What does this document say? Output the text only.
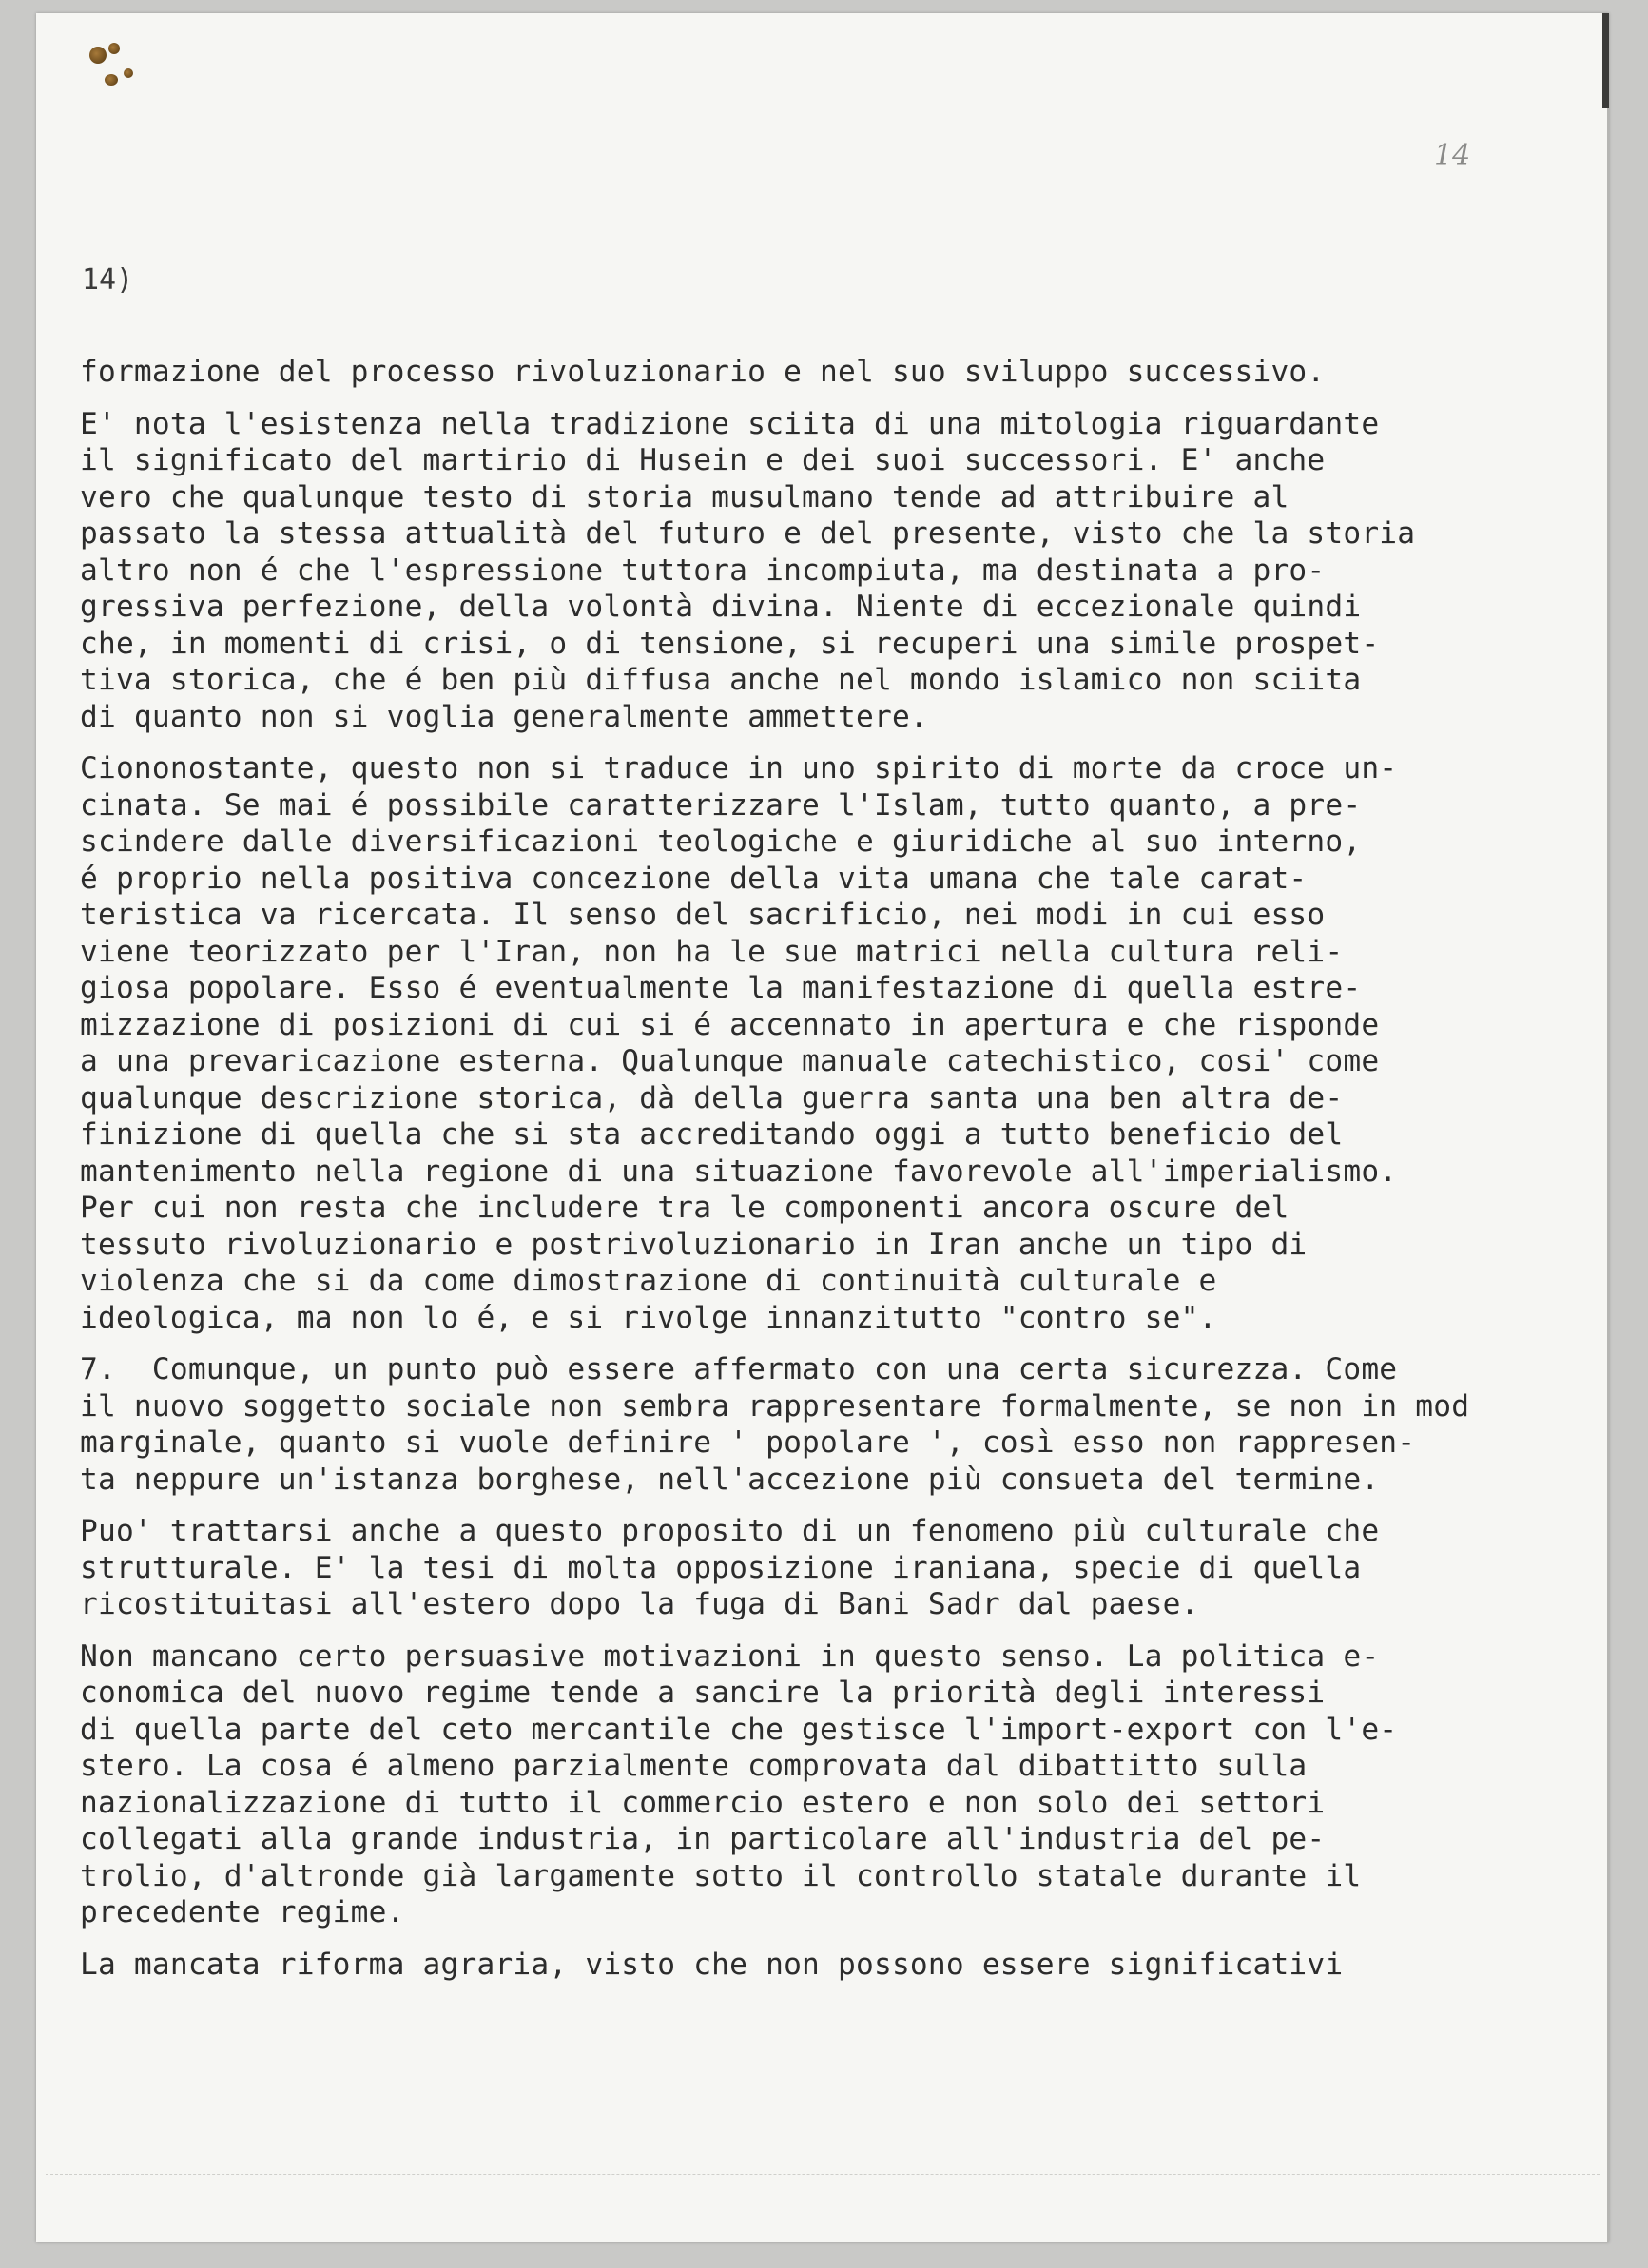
14
14)
formazione del processo rivoluzionario e nel suo sviluppo successivo.
E' nota l'esistenza nella tradizione sciita di una mitologia riguardante
il significato del martirio di Husein e dei suoi successori. E' anche
vero che qualunque testo di storia musulmano tende ad attribuire al
passato la stessa attualità del futuro e del presente, visto che la storia
altro non é che l'espressione tuttora incompiuta, ma destinata a pro-
gressiva perfezione, della volontà divina. Niente di eccezionale quindi
che, in momenti di crisi, o di tensione, si recuperi una simile prospet-
tiva storica, che é ben più diffusa anche nel mondo islamico non sciita
di quanto non si voglia generalmente ammettere.
Ciononostante, questo non si traduce in uno spirito di morte da croce un-
cinata. Se mai é possibile caratterizzare l'Islam, tutto quanto, a pre-
scindere dalle diversificazioni teologiche e giuridiche al suo interno,
é proprio nella positiva concezione della vita umana che tale carat-
teristica va ricercata. Il senso del sacrificio, nei modi in cui esso
viene teorizzato per l'Iran, non ha le sue matrici nella cultura reli-
giosa popolare. Esso é eventualmente la manifestazione di quella estre-
mizzazione di posizioni di cui si é accennato in apertura e che risponde
a una prevaricazione esterna. Qualunque manuale catechistico, cosi' come
qualunque descrizione storica, dà della guerra santa una ben altra de-
finizione di quella che si sta accreditando oggi a tutto beneficio del
mantenimento nella regione di una situazione favorevole all'imperialismo.
Per cui non resta che includere tra le componenti ancora oscure del
tessuto rivoluzionario e postrivoluzionario in Iran anche un tipo di
violenza che si da come dimostrazione di continuità culturale e
ideologica, ma non lo é, e si rivolge innanzitutto "contro se".
7.  Comunque, un punto può essere affermato con una certa sicurezza. Come
il nuovo soggetto sociale non sembra rappresentare formalmente, se non in mod
marginale, quanto si vuole definire ' popolare ', così esso non rappresen-
ta neppure un'istanza borghese, nell'accezione più consueta del termine.
Puo' trattarsi anche a questo proposito di un fenomeno più culturale che
strutturale. E' la tesi di molta opposizione iraniana, specie di quella
ricostituitasi all'estero dopo la fuga di Bani Sadr dal paese.
Non mancano certo persuasive motivazioni in questo senso. La politica e-
conomica del nuovo regime tende a sancire la priorità degli interessi
di quella parte del ceto mercantile che gestisce l'import-export con l'e-
stero. La cosa é almeno parzialmente comprovata dal dibattitto sulla
nazionalizzazione di tutto il commercio estero e non solo dei settori
collegati alla grande industria, in particolare all'industria del pe-
trolio, d'altronde già largamente sotto il controllo statale durante il
precedente regime.
La mancata riforma agraria, visto che non possono essere significativi
